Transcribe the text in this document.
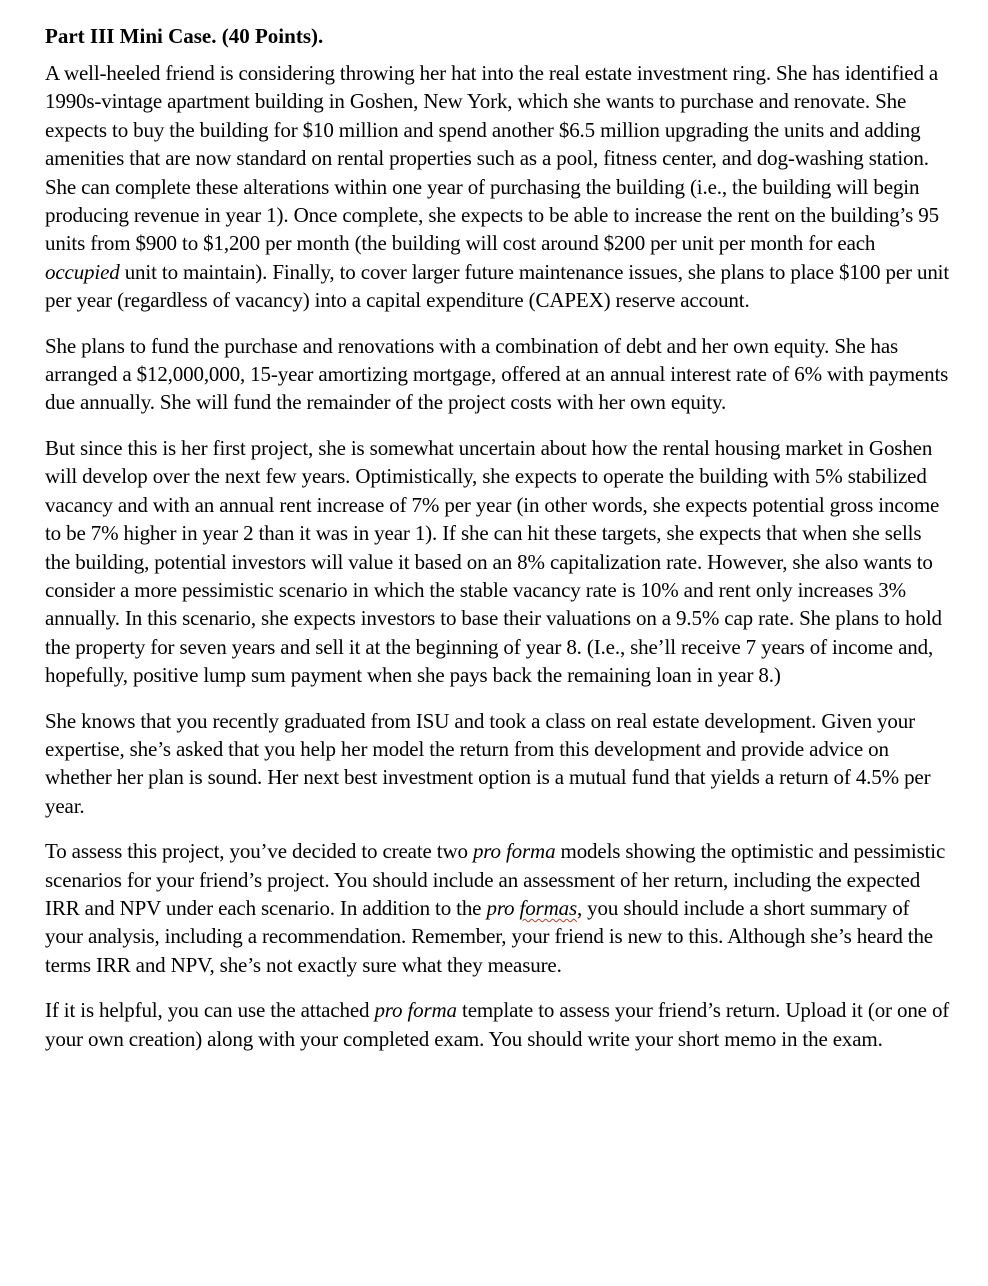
Part III Mini Case. (40 Points).

A well-heeled friend is considering throwing her hat into the real estate investment ring. She has identified a 1990s-vintage apartment building in Goshen, New York, which she wants to purchase and renovate. She expects to buy the building for $10 million and spend another $6.5 million upgrading the units and adding amenities that are now standard on rental properties such as a pool, fitness center, and dog-washing station. She can complete these alterations within one year of purchasing the building (i.e., the building will begin producing revenue in year 1). Once complete, she expects to be able to increase the rent on the building’s 95 units from $900 to $1,200 per month (the building will cost around $200 per unit per month for each occupied unit to maintain). Finally, to cover larger future maintenance issues, she plans to place $100 per unit per year (regardless of vacancy) into a capital expenditure (CAPEX) reserve account.

She plans to fund the purchase and renovations with a combination of debt and her own equity. She has arranged a $12,000,000, 15-year amortizing mortgage, offered at an annual interest rate of 6% with payments due annually. She will fund the remainder of the project costs with her own equity.

But since this is her first project, she is somewhat uncertain about how the rental housing market in Goshen will develop over the next few years. Optimistically, she expects to operate the building with 5% stabilized vacancy and with an annual rent increase of 7% per year (in other words, she expects potential gross income to be 7% higher in year 2 than it was in year 1). If she can hit these targets, she expects that when she sells the building, potential investors will value it based on an 8% capitalization rate. However, she also wants to consider a more pessimistic scenario in which the stable vacancy rate is 10% and rent only increases 3% annually. In this scenario, she expects investors to base their valuations on a 9.5% cap rate. She plans to hold the property for seven years and sell it at the beginning of year 8. (I.e., she’ll receive 7 years of income and, hopefully, positive lump sum payment when she pays back the remaining loan in year 8.)

She knows that you recently graduated from ISU and took a class on real estate development. Given your expertise, she’s asked that you help her model the return from this development and provide advice on whether her plan is sound. Her next best investment option is a mutual fund that yields a return of 4.5% per year.

To assess this project, you’ve decided to create two pro forma models showing the optimistic and pessimistic scenarios for your friend’s project. You should include an assessment of her return, including the expected IRR and NPV under each scenario. In addition to the pro formas, you should include a short summary of your analysis, including a recommendation. Remember, your friend is new to this. Although she’s heard the terms IRR and NPV, she’s not exactly sure what they measure.

If it is helpful, you can use the attached pro forma template to assess your friend’s return. Upload it (or one of your own creation) along with your completed exam. You should write your short memo in the exam.
